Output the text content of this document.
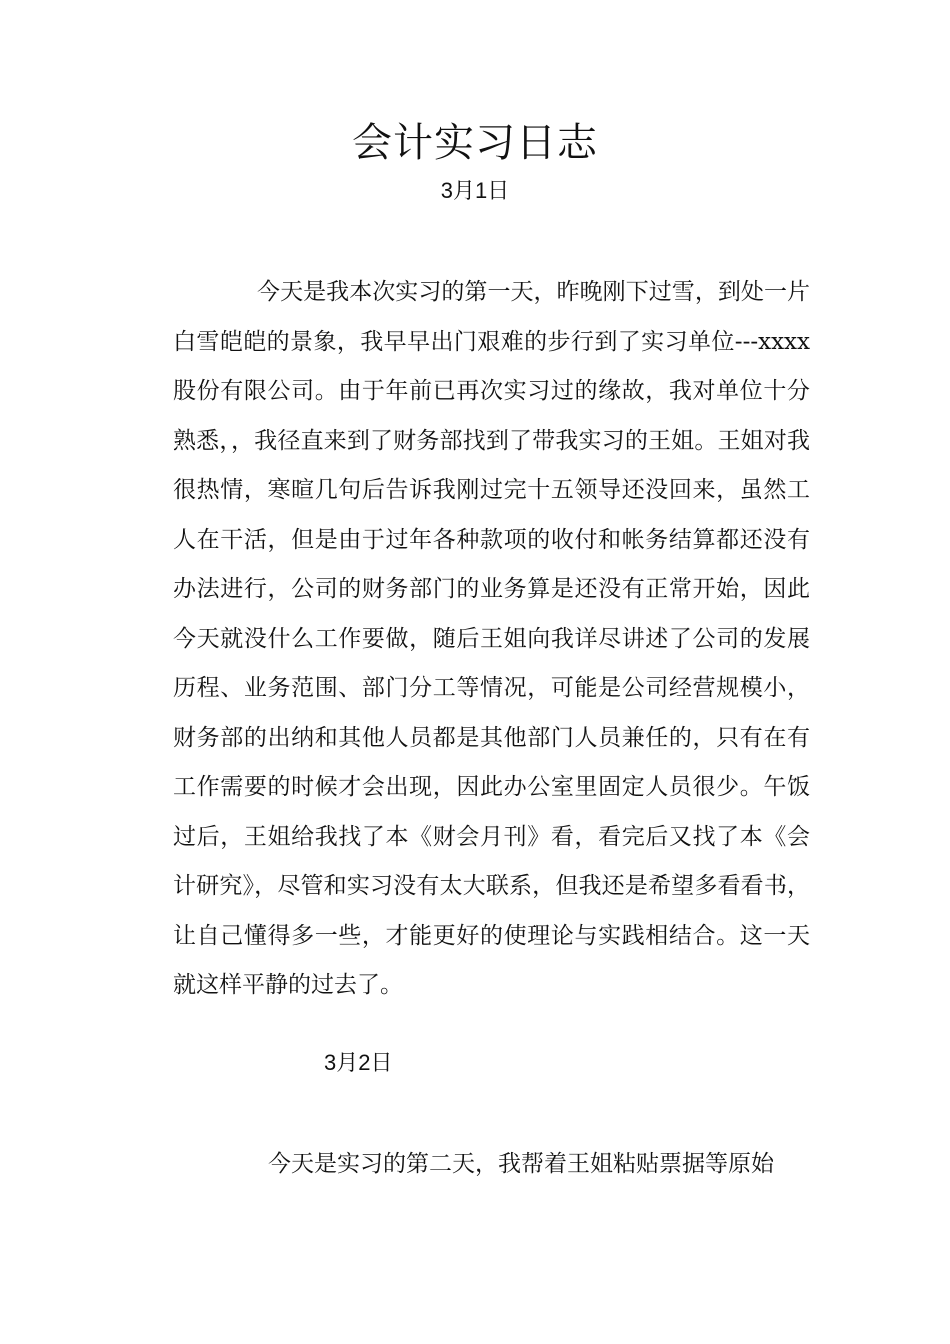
会计实习日志
3月1日
今天是我本次实习的第一天，昨晚刚下过雪，到处一片白雪皑皑的景象，我早早出门艰难的步行到了实习单位---xxxx股份有限公司。由于年前已再次实习过的缘故，我对单位十分熟悉，，我径直来到了财务部找到了带我实习的王姐。王姐对我很热情，寒暄几句后告诉我刚过完十五领导还没回来，虽然工人在干活，但是由于过年各种款项的收付和帐务结算都还没有办法进行，公司的财务部门的业务算是还没有正常开始，因此今天就没什么工作要做，随后王姐向我详尽讲述了公司的发展历程、业务范围、部门分工等情况，可能是公司经营规模小，财务部的出纳和其他人员都是其他部门人员兼任的，只有在有工作需要的时候才会出现，因此办公室里固定人员很少。午饭过后，王姐给我找了本《财会月刊》看，看完后又找了本《会计研究》，尽管和实习没有太大联系，但我还是希望多看看书，让自己懂得多一些，才能更好的使理论与实践相结合。这一天就这样平静的过去了。
3月2日
今天是实习的第二天，我帮着王姐粘贴票据等原始
